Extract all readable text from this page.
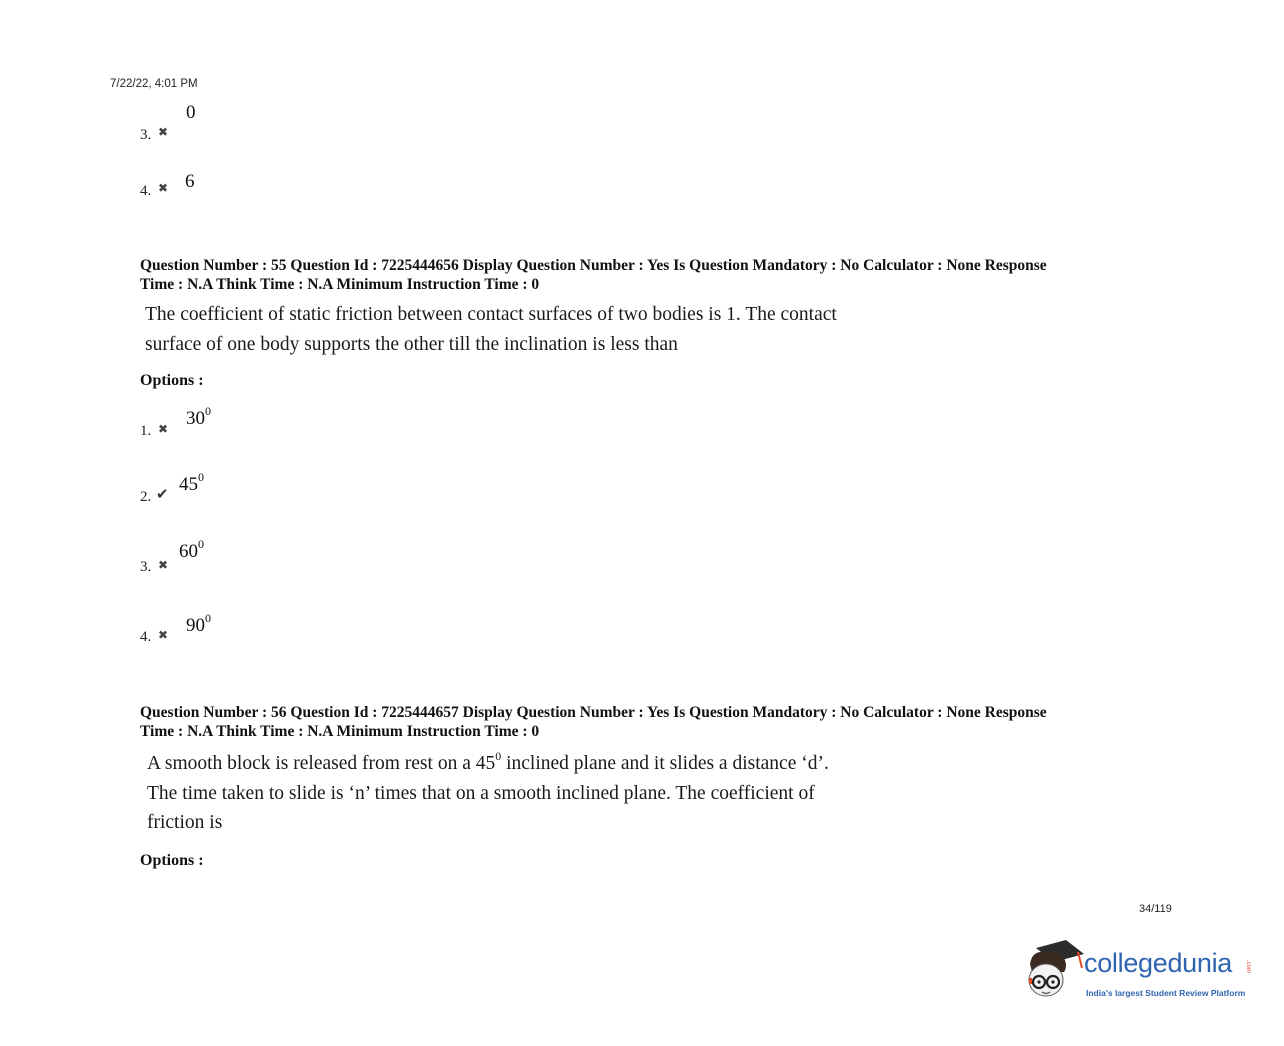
7/22/22, 4:01 PM
3. ✖
0
4. ✖ 6
Question Number : 55 Question Id : 7225444656 Display Question Number : Yes Is Question Mandatory : No Calculator : None Response
Time : N.A Think Time : N.A Minimum Instruction Time : 0
The coefficient of static friction between contact surfaces of two bodies is 1. The contact
surface of one body supports the other till the inclination is less than
Options :
1. ✖ $30^0$
2. ✔ $45^0$
3. ✖
$60^0$
4. ✖ $90^0$
Question Number : 56 Question Id : 7225444657 Display Question Number : Yes Is Question Mandatory : No Calculator : None Response
Time : N.A Think Time : N.A Minimum Instruction Time : 0
A smooth block is released from rest on a $45^0$ inclined plane and it slides a distance ‘d’.
The time taken to slide is ‘n’ times that on a smooth inclined plane. The coefficient of
friction is
Options :
34/119
collegedunia .com
India's largest Student Review Platform
